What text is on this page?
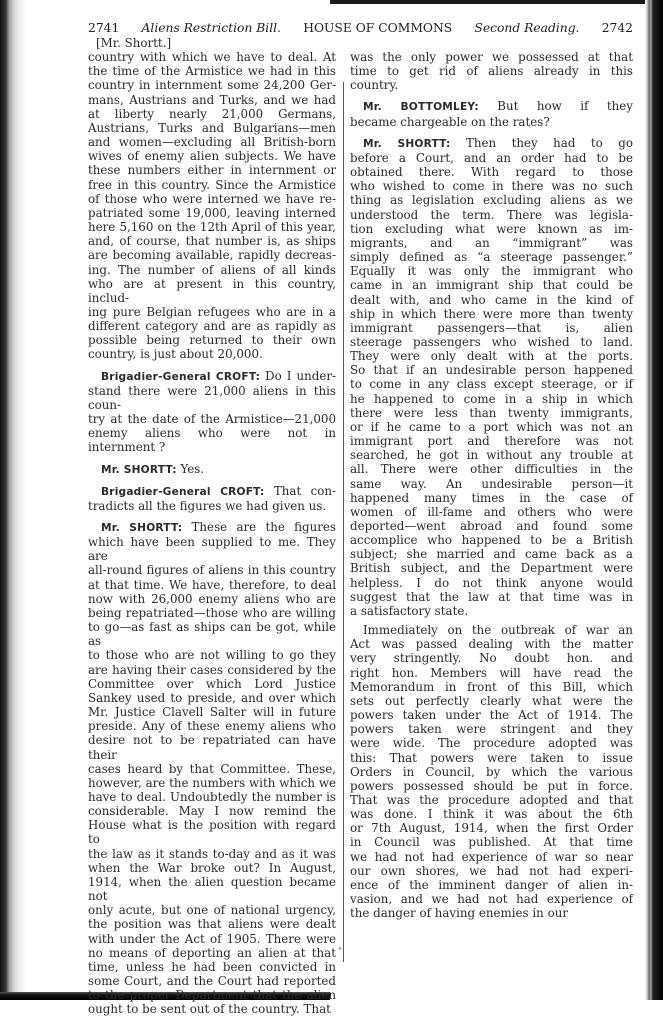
2741 Aliens Restriction Bill. HOUSE OF COMMONS Second Reading. 2742
˄

[Mr. Shortt.]

country with which we have to deal. At
the time of the Armistice we had in this
country in internment some 24,200 Ger-
mans, Austrians and Turks, and we had
at liberty nearly 21,000 Germans,
Austrians, Turks and Bulgarians—men
and women—excluding all British-born
wives of enemy alien subjects. We have
these numbers either in internment or
free in this country. Since the Armistice
of those who were interned we have re-
patriated some 19,000, leaving interned
here 5,160 on the 12th April of this year,
and, of course, that number is, as ships
are becoming available, rapidly decreas-
ing. The number of aliens of all kinds
who are at present in this country, includ-
ing pure Belgian refugees who are in a
different category and are as rapidly as
possible being returned to their own
country, is just about 20,000.

Brigadier-General CROFT: Do I under-

stand there were 21,000 aliens in this coun-
try at the date of the Armistice—21,000
enemy aliens who were not in internment ?

Mr. SHORTT: Yes.

Brigadier-General CROFT: That con-

tradicts all the figures we had given us.

Mr. SHORTT: These are the figures

which have been supplied to me. They are
all-round figures of aliens in this country
at that time. We have, therefore, to deal
now with 26,000 enemy aliens who are
being repatriated—those who are willing
to go—as fast as ships can be got, while as
to those who are not willing to go they
are having their cases considered by the
Committee over which Lord Justice
Sankey used to preside, and over which
Mr. Justice Clavell Salter will in future
preside. Any of these enemy aliens who
desire not to be repatriated can have their
cases heard by that Committee. These,
however, are the numbers with which we
have to deal. Undoubtedly the number is
considerable. May I now remind the
House what is the position with regard to
the law as it stands to-day and as it was
when the War broke out? In August,
1914, when the alien question became not
only acute, but one of national urgency,
the position was that aliens were dealt
with under the Act of 1905. There were
no means of deporting an alien at that
time, unless he had been convicted in
some Court, and the Court had reported
to the proper Department that the alien
ought to be sent out of the country. That
was the only power we possessed at that
time to get rid of aliens already in this
country.

Mr. BOTTOMLEY: But how if they

became chargeable on the rates?

Mr. SHORTT: Then they had to go

before a Court, and an order had to be
obtained there. With regard to those
who wished to come in there was no such
thing as legislation excluding aliens as we
understood the term. There was legisla-
tion excluding what were known as im-
migrants, and an “immigrant” was
simply defined as “a steerage passenger.”
Equally it was only the immigrant who
came in an immigrant ship that could be
dealt with, and who came in the kind of
ship in which there were more than twenty
immigrant passengers—that is, alien
steerage passengers who wished to land.
They were only dealt with at the ports.
So that if an undesirable person happened
to come in any class except steerage, or if
he happened to come in a ship in which
there were less than twenty immigrants,
or if he came to a port which was not an
immigrant port and therefore was not
searched, he got in without any trouble at
all. There were other difficulties in the
same way. An undesirable person—it
happened many times in the case of
women of ill-fame and others who were
deported—went abroad and found some
accomplice who happened to be a British
subject; she married and came back as a
British subject, and the Department were
helpless. I do not think anyone would
suggest that the law at that time was in
a satisfactory state.
Immediately on the outbreak of war an
Act was passed dealing with the matter
very stringently. No doubt hon. and
right hon. Members will have read the
Memorandum in front of this Bill, which
sets out perfectly clearly what were the
powers taken under the Act of 1914. The
powers taken were stringent and they
were wide. The procedure adopted was
this: That powers were taken to issue
Orders in Council, by which the various
powers possessed should be put in force.
That was the procedure adopted and that
was done. I think it was about the 6th
or 7th August, 1914, when the first Order
in Council was published. At that time
we had not had experience of war so near
our own shores, we had not had experi-
ence of the imminent danger of alien in-
vasion, and we had not had experience of
the danger of having enemies in our
